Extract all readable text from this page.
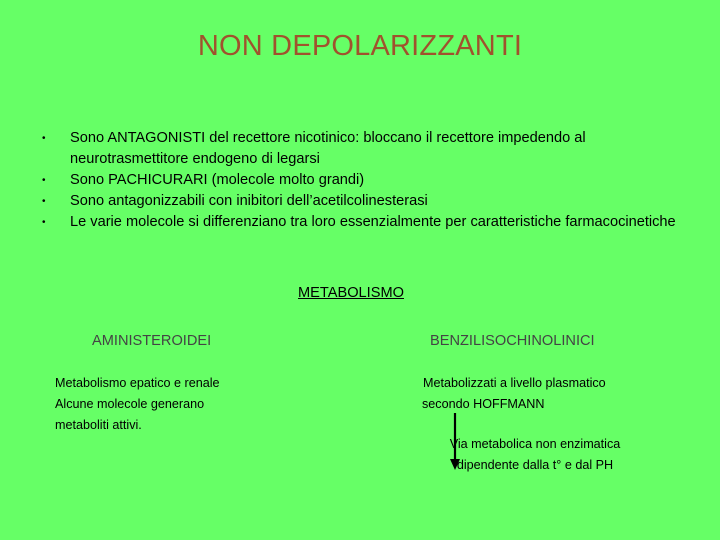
NON DEPOLARIZZANTI
• Sono ANTAGONISTI del recettore nicotinico: bloccano il recettore impedendo al neurotrasmettitore endogeno di legarsi
• Sono PACHICURARI (molecole molto grandi)
• Sono antagonizzabili con inibitori dell’acetilcolinesterasi
• Le varie molecole si differenziano tra loro essenzialmente per caratteristiche farmacocinetiche
METABOLISMO
AMINISTEROIDEI	BENZILISOCHINOLINICI
Metabolismo epatico e renale
Alcune molecole generano
metaboliti attivi.
Metabolizzati a livello plasmatico
secondo HOFFMANN
Via metabolica non enzimatica
dipendente dalla t° e dal PH
